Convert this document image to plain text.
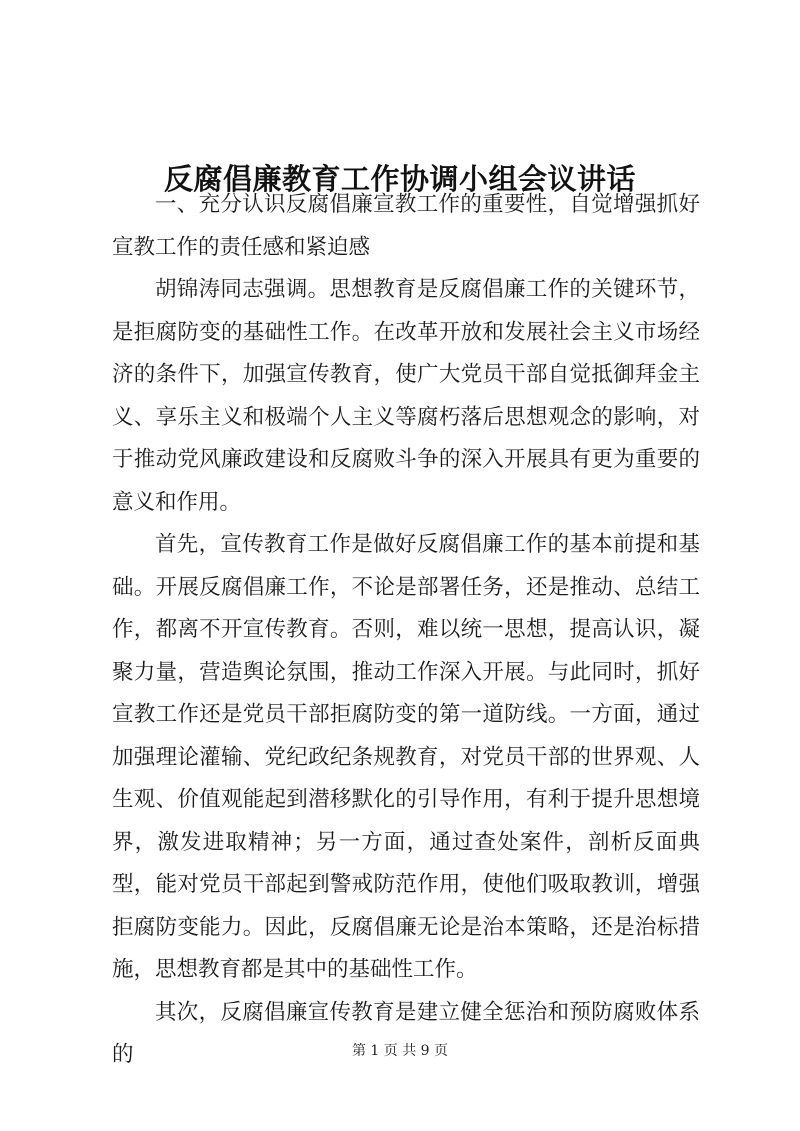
反腐倡廉教育工作协调小组会议讲话

一、充分认识反腐倡廉宣教工作的重要性，自觉增强抓好宣教工作的责任感和紧迫感

胡锦涛同志强调。思想教育是反腐倡廉工作的关键环节，是拒腐防变的基础性工作。在改革开放和发展社会主义市场经济的条件下，加强宣传教育，使广大党员干部自觉抵御拜金主义、享乐主义和极端个人主义等腐朽落后思想观念的影响，对于推动党风廉政建设和反腐败斗争的深入开展具有更为重要的意义和作用。

首先，宣传教育工作是做好反腐倡廉工作的基本前提和基础。开展反腐倡廉工作，不论是部署任务，还是推动、总结工作，都离不开宣传教育。否则，难以统一思想，提高认识，凝聚力量，营造舆论氛围，推动工作深入开展。与此同时，抓好宣教工作还是党员干部拒腐防变的第一道防线。一方面，通过加强理论灌输、党纪政纪条规教育，对党员干部的世界观、人生观、价值观能起到潜移默化的引导作用，有利于提升思想境界，激发进取精神；另一方面，通过查处案件，剖析反面典型，能对党员干部起到警戒防范作用，使他们吸取教训，增强拒腐防变能力。因此，反腐倡廉无论是治本策略，还是治标措施，思想教育都是其中的基础性工作。

其次，反腐倡廉宣传教育是建立健全惩治和预防腐败体系的	第 1 页 共 9 页
